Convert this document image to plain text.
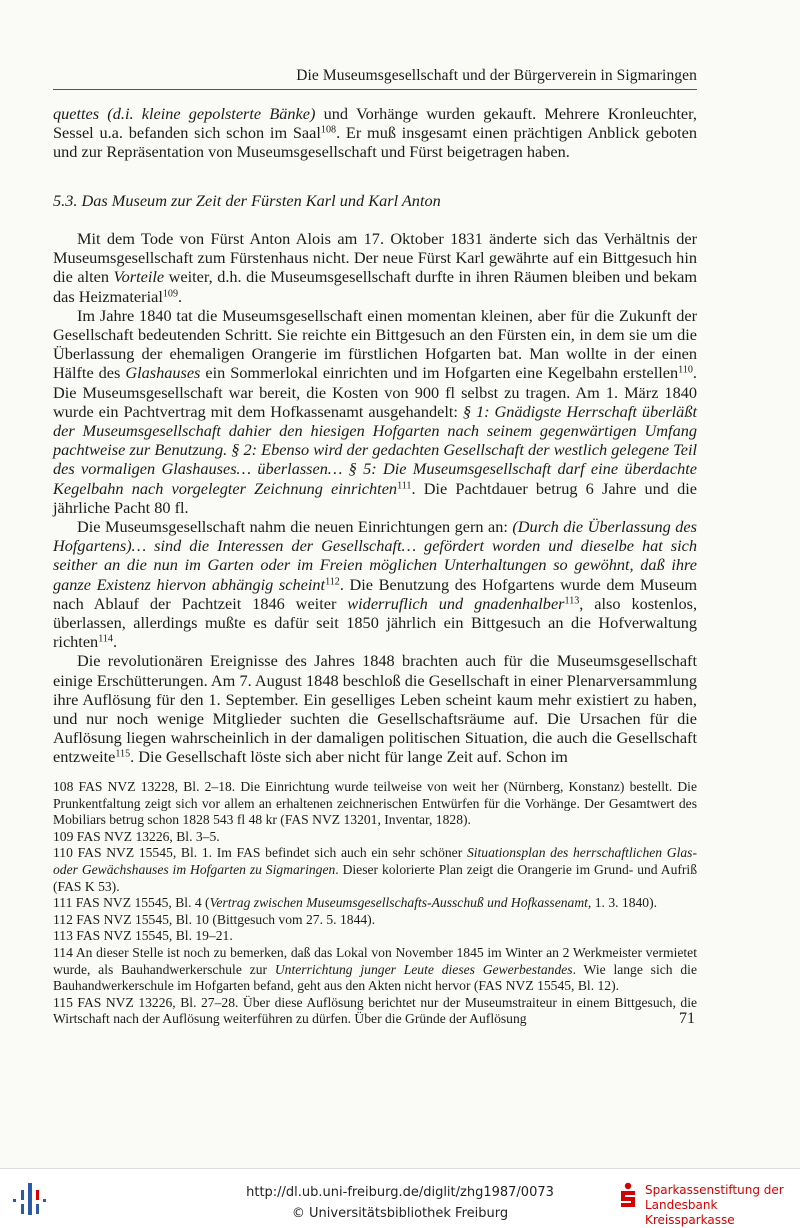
Die Museumsgesellschaft und der Bürgerverein in Sigmaringen

quettes (d.i. kleine gepolsterte Bänke) und Vorhänge wurden gekauft. Mehrere Kronleuchter, Sessel u.a. befanden sich schon im Saal$^{108}$. Er muß insgesamt einen prächtigen Anblick geboten und zur Repräsentation von Museumsgesellschaft und Fürst beigetragen haben.

5.3. Das Museum zur Zeit der Fürsten Karl und Karl Anton

Mit dem Tode von Fürst Anton Alois am 17. Oktober 1831 änderte sich das Verhältnis der Museumsgesellschaft zum Fürstenhaus nicht. Der neue Fürst Karl gewährte auf ein Bittgesuch hin die alten Vorteile weiter, d.h. die Museumsgesellschaft durfte in ihren Räumen bleiben und bekam das Heizmaterial$^{109}$.

Im Jahre 1840 tat die Museumsgesellschaft einen momentan kleinen, aber für die Zukunft der Gesellschaft bedeutenden Schritt. Sie reichte ein Bittgesuch an den Fürsten ein, in dem sie um die Überlassung der ehemaligen Orangerie im fürstlichen Hofgarten bat. Man wollte in der einen Hälfte des Glashauses ein Sommerlokal einrichten und im Hofgarten eine Kegelbahn erstellen$^{110}$. Die Museumsgesellschaft war bereit, die Kosten von 900 fl selbst zu tragen. Am 1. März 1840 wurde ein Pachtvertrag mit dem Hofkassenamt ausgehandelt: § 1: Gnädigste Herrschaft überläßt der Museumsgesellschaft dahier den hiesigen Hofgarten nach seinem gegenwärtigen Umfang pachtweise zur Benutzung. § 2: Ebenso wird der gedachten Gesellschaft der westlich gelegene Teil des vormaligen Glashauses… überlassen… § 5: Die Museumsgesellschaft darf eine überdachte Kegelbahn nach vorgelegter Zeichnung einrichten$^{111}$. Die Pachtdauer betrug 6 Jahre und die jährliche Pacht 80 fl.

Die Museumsgesellschaft nahm die neuen Einrichtungen gern an: (Durch die Überlassung des Hofgartens)… sind die Interessen der Gesellschaft… gefördert worden und dieselbe hat sich seither an die nun im Garten oder im Freien möglichen Unterhaltungen so gewöhnt, daß ihre ganze Existenz hiervon abhängig scheint$^{112}$. Die Benutzung des Hofgartens wurde dem Museum nach Ablauf der Pachtzeit 1846 weiter widerruflich und gnadenhalber$^{113}$, also kostenlos, überlassen, allerdings mußte es dafür seit 1850 jährlich ein Bittgesuch an die Hofverwaltung richten$^{114}$.

Die revolutionären Ereignisse des Jahres 1848 brachten auch für die Museumsgesellschaft einige Erschütterungen. Am 7. August 1848 beschloß die Gesellschaft in einer Plenarversammlung ihre Auflösung für den 1. September. Ein geselliges Leben scheint kaum mehr existiert zu haben, und nur noch wenige Mitglieder suchten die Gesellschaftsräume auf. Die Ursachen für die Auflösung liegen wahrscheinlich in der damaligen politischen Situation, die auch die Gesellschaft entzweite$^{115}$. Die Gesellschaft löste sich aber nicht für lange Zeit auf. Schon im

108 FAS NVZ 13228, Bl. 2–18. Die Einrichtung wurde teilweise von weit her (Nürnberg, Konstanz) bestellt. Die Prunkentfaltung zeigt sich vor allem an erhaltenen zeichnerischen Entwürfen für die Vorhänge. Der Gesamtwert des Mobiliars betrug schon 1828 543 fl 48 kr (FAS NVZ 13201, Inventar, 1828).

109 FAS NVZ 13226, Bl. 3–5.

110 FAS NVZ 15545, Bl. 1. Im FAS befindet sich auch ein sehr schöner Situationsplan des herrschaftlichen Glas- oder Gewächshauses im Hofgarten zu Sigmaringen. Dieser kolorierte Plan zeigt die Orangerie im Grund- und Aufriß (FAS K 53).

111 FAS NVZ 15545, Bl. 4 (Vertrag zwischen Museumsgesellschafts-Ausschuß und Hofkassenamt, 1. 3. 1840).

112 FAS NVZ 15545, Bl. 10 (Bittgesuch vom 27. 5. 1844).

113 FAS NVZ 15545, Bl. 19–21.

114 An dieser Stelle ist noch zu bemerken, daß das Lokal von November 1845 im Winter an 2 Werkmeister vermietet wurde, als Bauhandwerkerschule zur Unterrichtung junger Leute dieses Gewerbestandes. Wie lange sich die Bauhandwerkerschule im Hofgarten befand, geht aus den Akten nicht hervor (FAS NVZ 15545, Bl. 12).

115 FAS NVZ 13226, Bl. 27–28. Über diese Auflösung berichtet nur der Museumstraiteur in einem Bittgesuch, die Wirtschaft nach der Auflösung weiterführen zu dürfen. Über die Gründe der Auflösung	71
http://dl.ub.uni-freiburg.de/diglit/zhg1987/0073
© Universitätsbibliothek Freiburg
Sparkassenstiftung der
Landesbank Kreissparkasse
